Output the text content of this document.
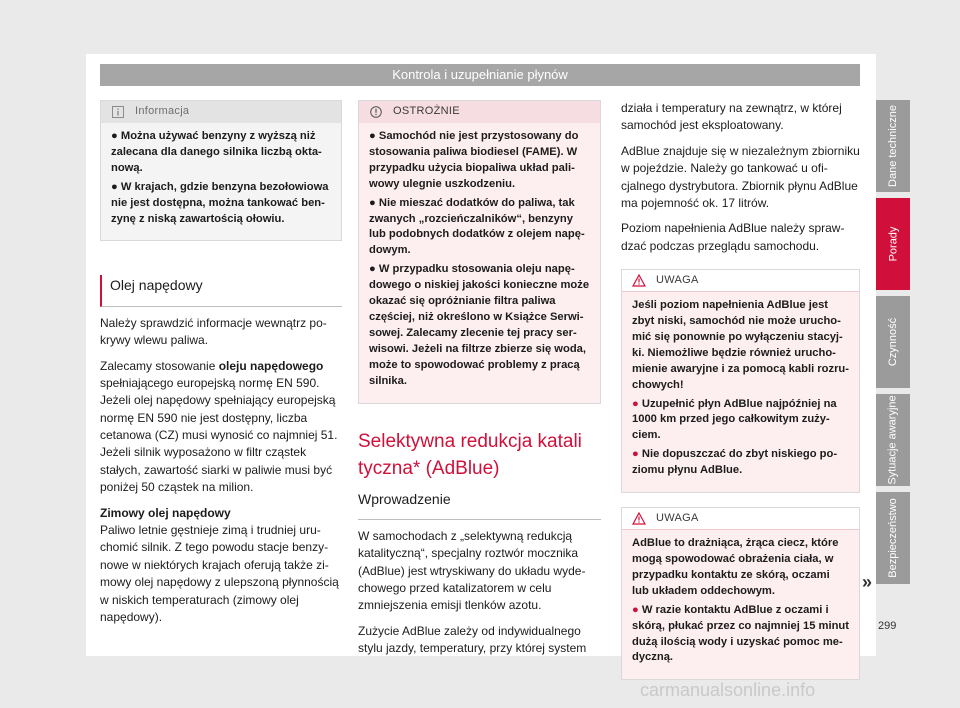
Kontrola i uzupełnianie płynów
Informacja

● Można używać benzyny z wyższą niż zalecana dla danego silnika liczbą oktanową.

● W krajach, gdzie benzyna bezołowiowa nie jest dostępna, można tankować benzynę z niską zawartością ołowiu.

Olej napędowy

Należy sprawdzić informacje wewnątrz pokrywy wlewu paliwa.

Zalecamy stosowanie oleju napędowego spełniającego europejską normę EN 590. Jeżeli olej napędowy spełniający europejską normę EN 590 nie jest dostępny, liczba cetanowa (CZ) musi wynosić co najmniej 51. Jeżeli silnik wyposażono w filtr cząstek stałych, zawartość siarki w paliwie musi być poniżej 50 cząstek na milion.

Zimowy olej napędowy

Paliwo letnie gęstnieje zimą i trudniej uruchomić silnik. Z tego powodu stacje benzynowe w niektórych krajach oferują także zimowy olej napędowy z ulepszoną płynnością w niskich temperaturach (zimowy olej napędowy).

OSTROŻNIE

● Samochód nie jest przystosowany do stosowania paliwa biodiesel (FAME). W przypadku użycia biopaliwa układ paliwowy ulegnie uszkodzeniu.

● Nie mieszać dodatków do paliwa, tak zwanych „rozcieńczalników“, benzyny lub podobnych dodatków z olejem napędowym.

● W przypadku stosowania oleju napędowego o niskiej jakości konieczne może okazać się opróżnianie filtra paliwa częściej, niż określono w Książce Serwisowej. Zalecamy zlecenie tej pracy serwisowi. Jeżeli na filtrze zbierze się woda, może to spowodować problemy z pracą silnika.

Selektywna redukcja katali
tyczna* (AdBlue)
Wprowadzenie

W samochodach z „selektywną redukcją katalityczną“, specjalny roztwór mocznika (AdBlue) jest wtryskiwany do układu wydechowego przed katalizatorem w celu zmniejszenia emisji tlenków azotu.

Zużycie AdBlue zależy od indywidualnego stylu jazdy, temperatury, przy której system

działa i temperatury na zewnątrz, w której samochód jest eksploatowany.

AdBlue znajduje się w niezależnym zbiorniku w pojeździe. Należy go tankować u oficjalnego dystrybutora. Zbiornik płynu AdBlue ma pojemność ok. 17 litrów.

Poziom napełnienia AdBlue należy sprawdzać podczas przeglądu samochodu.

UWAGA

Jeśli poziom napełnienia AdBlue jest zbyt niski, samochód nie może uruchomić się ponownie po wyłączeniu stacyjki. Niemożliwe będzie również uruchomienie awaryjne i za pomocą kabli rozruchowych!

● Uzupełnić płyn AdBlue najpóźniej na 1000 km przed jego całkowitym zużyciem.

● Nie dopuszczać do zbyt niskiego poziomu płynu AdBlue.

UWAGA

AdBlue to drażniąca, żrąca ciecz, które mogą spowodować obrażenia ciała, w przypadku kontaktu ze skórą, oczami lub układem oddechowym.

● W razie kontaktu AdBlue z oczami i skórą, płukać przez co najmniej 15 minut dużą ilością wody i uzyskać pomoc medyczną.

Dane techniczne
Porady
Czynność
Sytuacje awaryjne
Bezpieczeństwo
»
299
carmanualsonline.info
